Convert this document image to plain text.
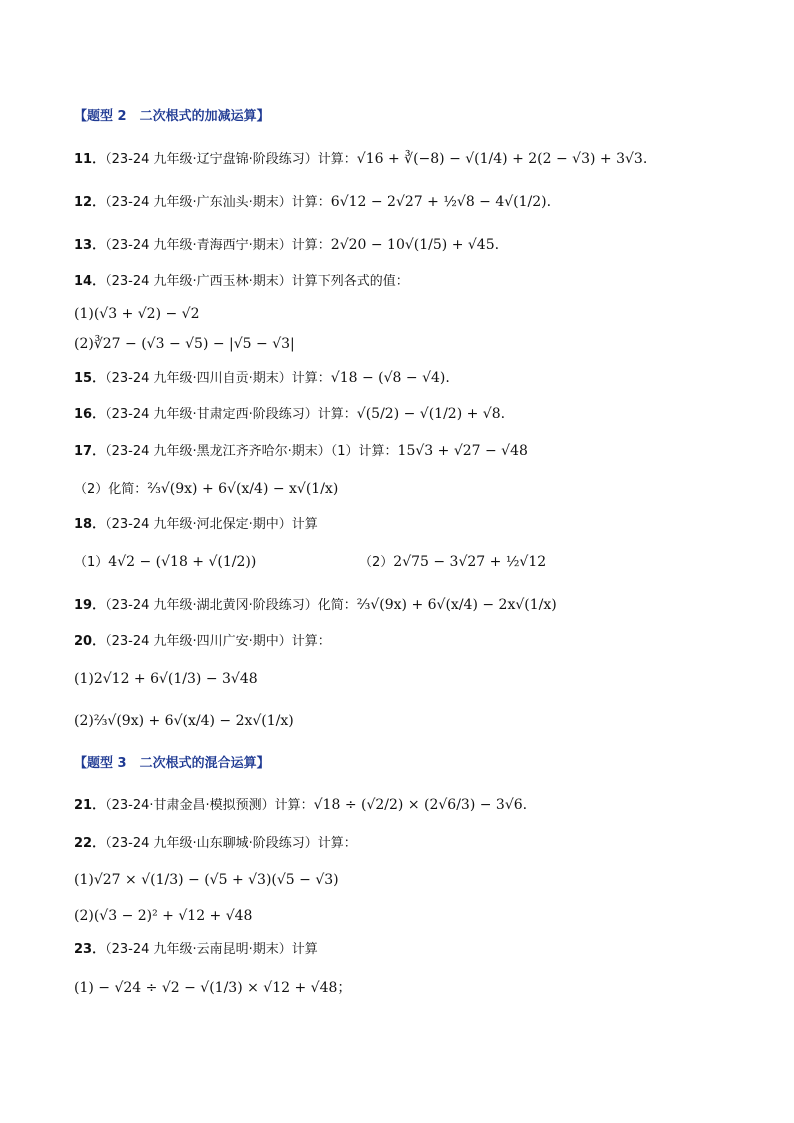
【题型 2　二次根式的加减运算】
11．（23-24 九年级·辽宁盘锦·阶段练习）计算：√16 + ∛(−8) − √(1/4) + 2(2 − √3) + 3√3.
12．（23-24 九年级·广东汕头·期末）计算：6√12 − 2√27 + ½√8 − 4√(1/2).
13．（23-24 九年级·青海西宁·期末）计算：2√20 − 10√(1/5) + √45.
14．（23-24 九年级·广西玉林·期末）计算下列各式的值：
(1)(√3 + √2) − √2
(2)∛27 − (√3 − √5) − |√5 − √3|
15．（23-24 九年级·四川自贡·期末）计算：√18 − (√8 − √4).
16．（23-24 九年级·甘肃定西·阶段练习）计算：√(5/2) − √(1/2) + √8.
17．（23-24 九年级·黑龙江齐齐哈尔·期末）（1）计算：15√3 + √27 − √48
（2）化简：⅔√(9x) + 6√(x/4) − x√(1/x)
18．（23-24 九年级·河北保定·期中）计算
（1）4√2 − (√18 + √(1/2))	（2）2√75 − 3√27 + ½√12
19．（23-24 九年级·湖北黄冈·阶段练习）化简：⅔√(9x) + 6√(x/4) − 2x√(1/x)
20．（23-24 九年级·四川广安·期中）计算：
(1)2√12 + 6√(1/3) − 3√48
(2)⅔√(9x) + 6√(x/4) − 2x√(1/x)
【题型 3　二次根式的混合运算】
21．（23-24·甘肃金昌·模拟预测）计算：√18 ÷ (√2/2) × (2√6/3) − 3√6.
22．（23-24 九年级·山东聊城·阶段练习）计算：
(1)√27 × √(1/3) − (√5 + √3)(√5 − √3)
(2)(√3 − 2)² + √12 + √48
23．（23-24 九年级·云南昆明·期末）计算
(1) − √24 ÷ √2 − √(1/3) × √12 + √48；
